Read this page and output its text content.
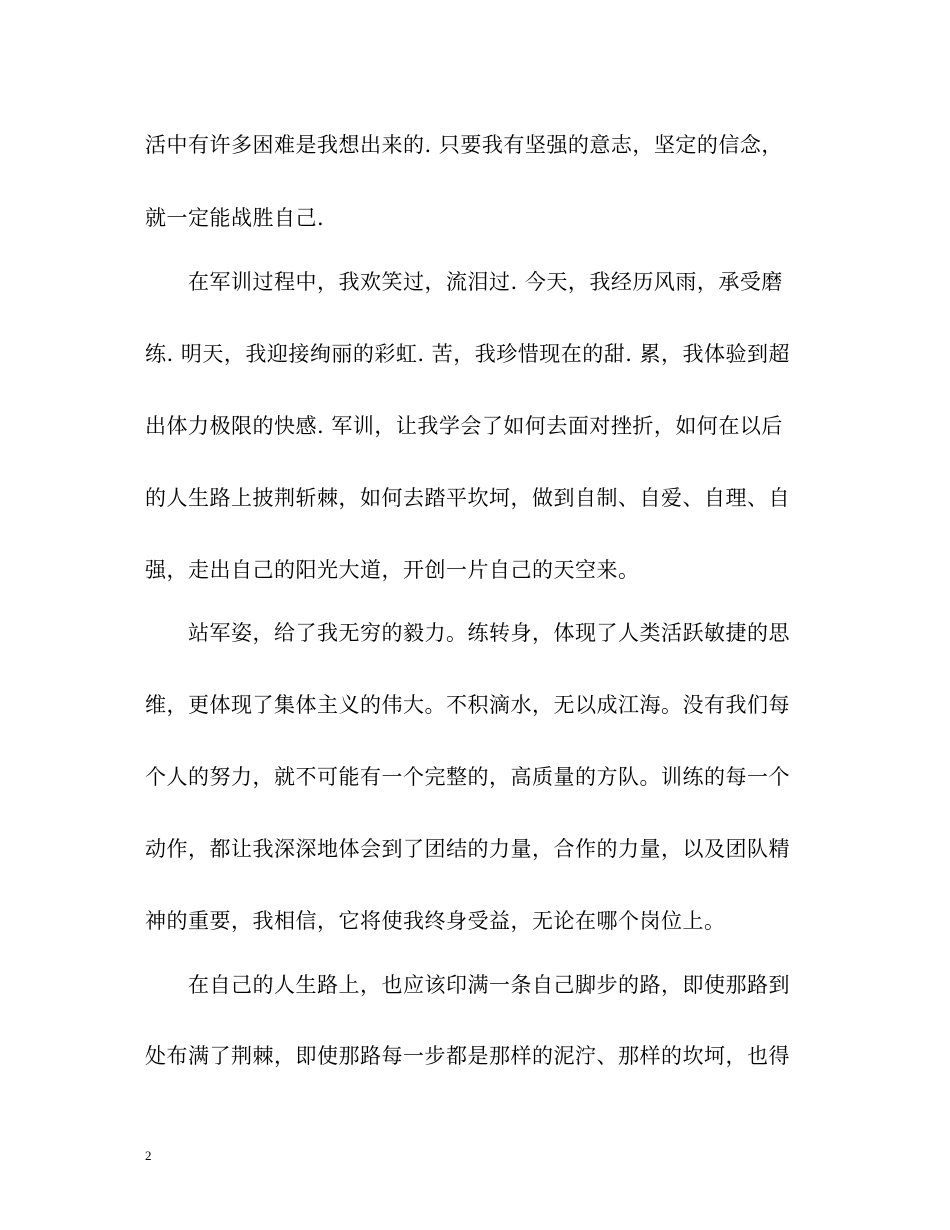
活中有许多困难是我想出来的. 只要我有坚强的意志，坚定的信念，
就一定能战胜自己.
　　在军训过程中，我欢笑过，流泪过. 今天，我经历风雨，承受磨
练. 明天，我迎接绚丽的彩虹. 苦，我珍惜现在的甜. 累，我体验到超
出体力极限的快感. 军训，让我学会了如何去面对挫折，如何在以后
的人生路上披荆斩棘，如何去踏平坎坷，做到自制、自爱、自理、自
强，走出自己的阳光大道，开创一片自己的天空来。
　　站军姿，给了我无穷的毅力。练转身，体现了人类活跃敏捷的思
维，更体现了集体主义的伟大。不积滴水，无以成江海。没有我们每
个人的努力，就不可能有一个完整的，高质量的方队。训练的每一个
动作，都让我深深地体会到了团结的力量，合作的力量，以及团队精
神的重要，我相信，它将使我终身受益，无论在哪个岗位上。
　　在自己的人生路上，也应该印满一条自己脚步的路，即使那路到
处布满了荆棘，即使那路每一步都是那样的泥泞、那样的坎坷，也得
2
